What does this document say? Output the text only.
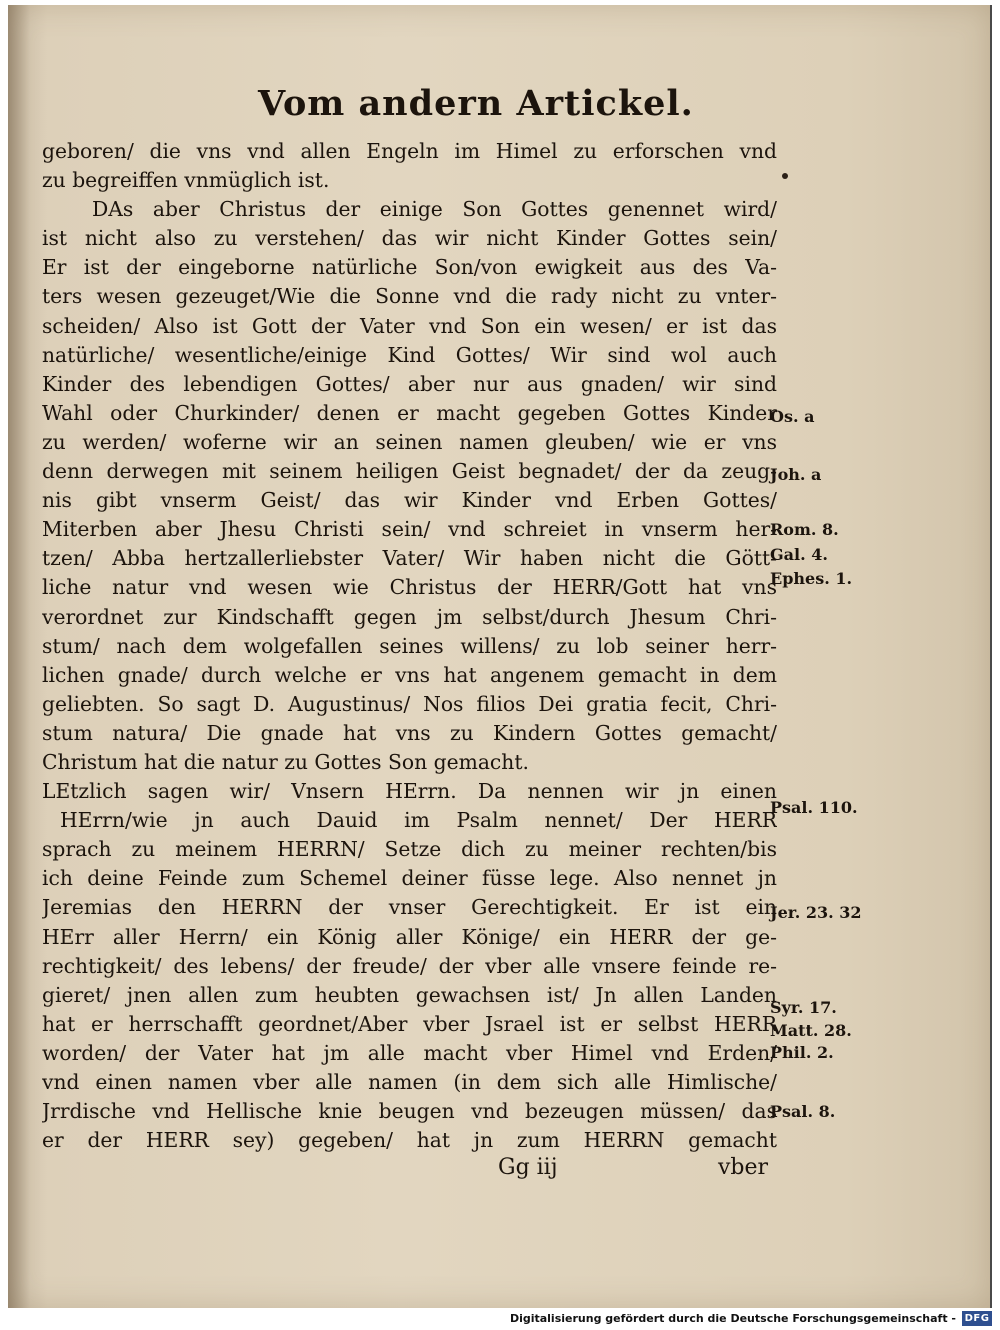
Vom andern Artickel.
geboren/ die vns vnd allen Engeln im Himel zu erforschen vnd
zu begreiffen vnmüglich ist.
DAs aber Christus der einige Son Gottes genennet wird/
ist nicht also zu verstehen/ das wir nicht Kinder Gottes sein/
Er ist der eingeborne natürliche Son/von ewigkeit aus des Va-
ters wesen gezeuget/Wie die Sonne vnd die rady nicht zu vnter-
scheiden/ Also ist Gott der Vater vnd Son ein wesen/ er ist das
natürliche/ wesentliche/einige Kind Gottes/ Wir sind wol auch
Kinder des lebendigen Gottes/ aber nur aus gnaden/ wir sind
Wahl oder Churkinder/ denen er macht gegeben Gottes Kinder
zu werden/ woferne wir an seinen namen gleuben/ wie er vns
denn derwegen mit seinem heiligen Geist begnadet/ der da zeug-
nis gibt vnserm Geist/ das wir Kinder vnd Erben Gottes/
Miterben aber Jhesu Christi sein/ vnd schreiet in vnserm her-
tzen/ Abba hertzallerliebster Vater/ Wir haben nicht die Gött-
liche natur vnd wesen wie Christus der HERR/Gott hat vns
verordnet zur Kindschafft gegen jm selbst/durch Jhesum Chri-
stum/ nach dem wolgefallen seines willens/ zu lob seiner herr-
lichen gnade/ durch welche er vns hat angenem gemacht in dem
geliebten. So sagt D. Augustinus/ Nos filios Dei gratia fecit, Chri-
stum natura/ Die gnade hat vns zu Kindern Gottes gemacht/
Christum hat die natur zu Gottes Son gemacht.
LEtzlich sagen wir/ Vnsern HErrn. Da nennen wir jn einen
HErrn/wie jn auch Dauid im Psalm nennet/ Der HERR
sprach zu meinem HERRN/ Setze dich zu meiner rechten/bis
ich deine Feinde zum Schemel deiner füsse lege. Also nennet jn
Jeremias den HERRN der vnser Gerechtigkeit. Er ist ein
HErr aller Herrn/ ein König aller Könige/ ein HERR der ge-
rechtigkeit/ des lebens/ der freude/ der vber alle vnsere feinde re-
gieret/ jnen allen zum heubten gewachsen ist/ Jn allen Landen
hat er herrschafft geordnet/Aber vber Jsrael ist er selbst HERR
worden/ der Vater hat jm alle macht vber Himel vnd Erden/
vnd einen namen vber alle namen (in dem sich alle Himlische/
Jrrdische vnd Hellische knie beugen vnd bezeugen müssen/ das
er der HERR sey) gegeben/ hat jn zum HERRN gemacht
Gg iij	vber
Os. a
Joh. a
Rom. 8.
Gal. 4.
Ephes. 1.
Psal. 110.
Jer. 23. 32
Syr. 17.
Matt. 28.
Phil. 2.
Psal. 8.
Digitalisierung gefördert durch die Deutsche Forschungsgemeinschaft - DFG
